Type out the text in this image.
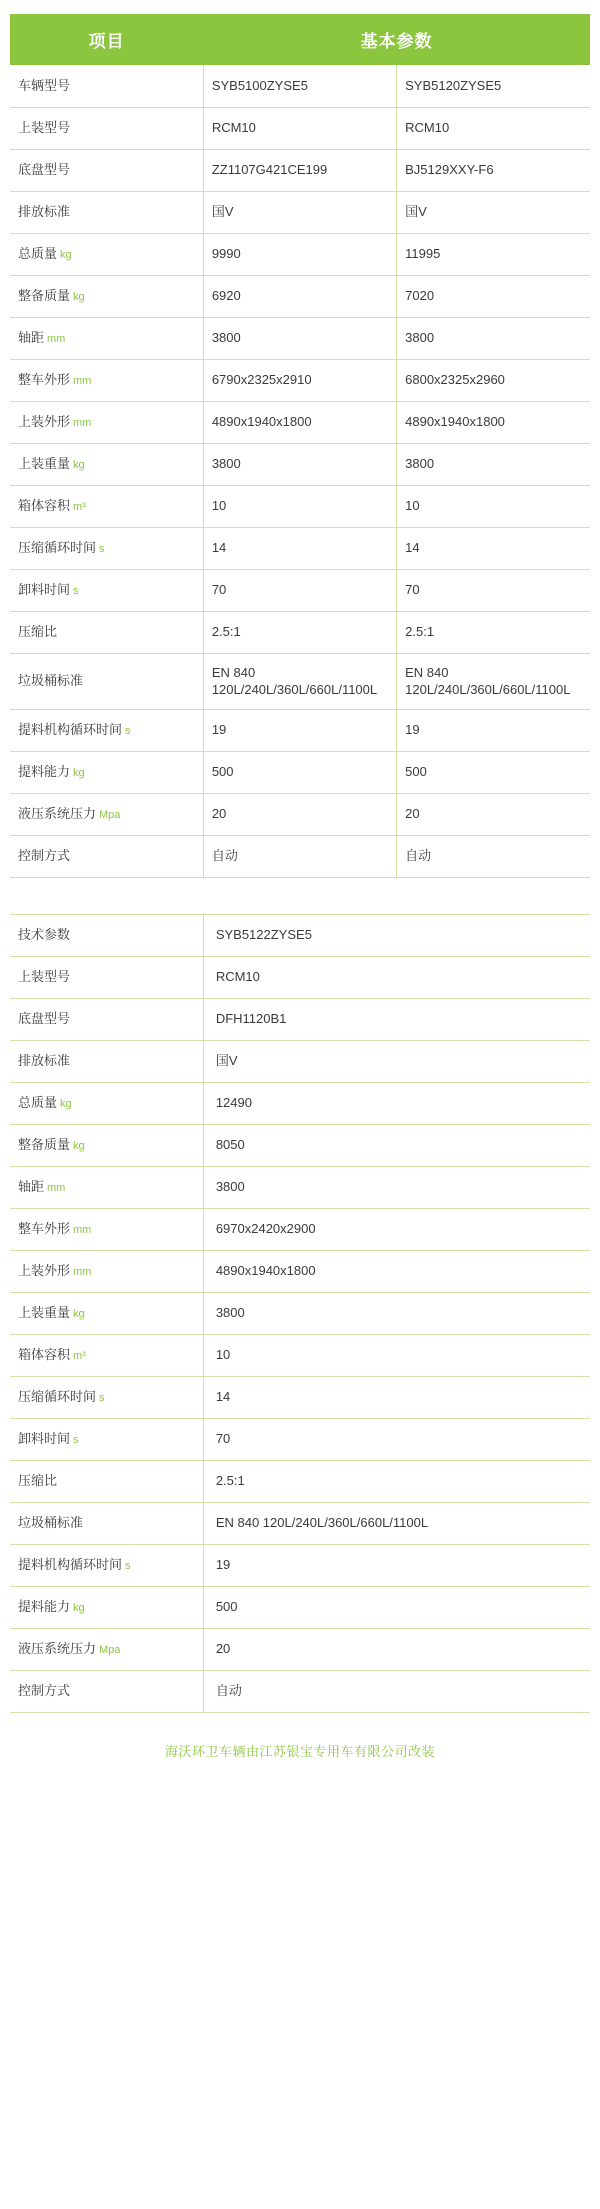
项目	基本参数	
车辆型号	SYB5100ZYSE5	SYB5120ZYSE5
上装型号	RCM10	RCM10
底盘型号	ZZ1107G421CE199	BJ5129XXY-F6
排放标准	国V	国V
总质量 kg	9990	11995
整备质量 kg	6920	7020
轴距 mm	3800	3800
整车外形 mm	6790x2325x2910	6800x2325x2960
上装外形 mm	4890x1940x1800	4890x1940x1800
上装重量 kg	3800	3800
箱体容积 m³	10	10
压缩循环时间 s	14	14
卸料时间 s	70	70
压缩比	2.5:1	2.5:1
垃圾桶标准	EN 840 120L/240L/360L/660L/1100L	EN 840 120L/240L/360L/660L/1100L
提料机构循环时间 s	19	19
提料能力 kg	500	500
液压系统压力 Mpa	20	20
控制方式	自动	自动
技术参数	SYB5122ZYSE5
上装型号	RCM10
底盘型号	DFH1120B1
排放标准	国V
总质量 kg	12490
整备质量 kg	8050
轴距 mm	3800
整车外形 mm	6970x2420x2900
上装外形 mm	4890x1940x1800
上装重量 kg	3800
箱体容积 m³	10
压缩循环时间 s	14
卸料时间 s	70
压缩比	2.5:1
垃圾桶标准	EN 840 120L/240L/360L/660L/1100L
提料机构循环时间 s	19
提料能力 kg	500
液压系统压力 Mpa	20
控制方式	自动
海沃环卫车辆由江苏银宝专用车有限公司改装
